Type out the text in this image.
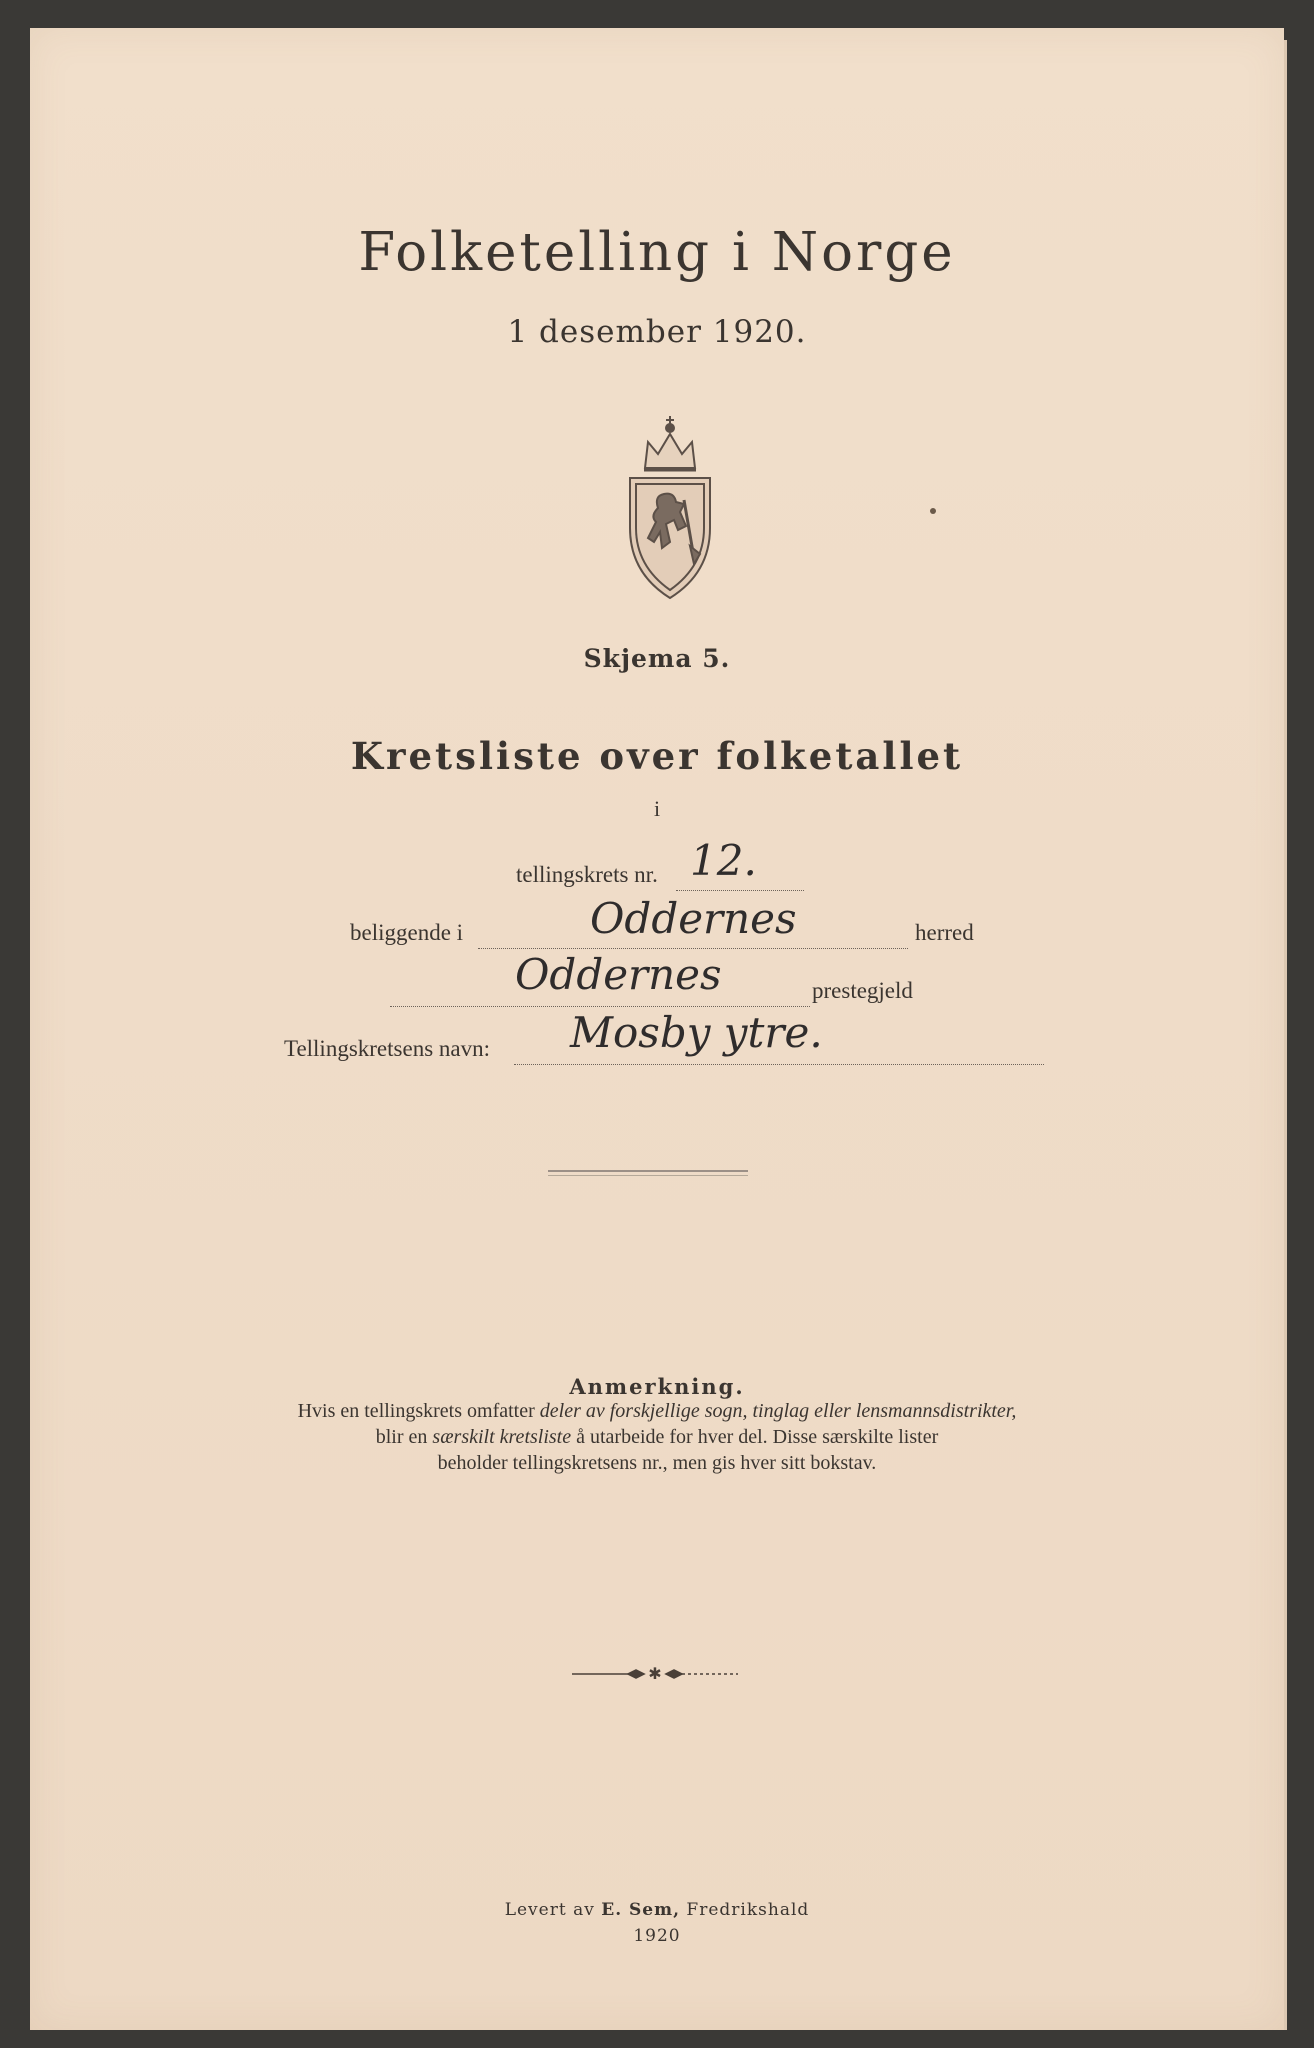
Folketelling i Norge
1 desember 1920.
Skjema 5.
Kretsliste over folketallet
i
tellingskrets nr. 12.
beliggende i	Oddernes	herred
Oddernes	prestegjeld
Tellingskretsens navn: Mosby ytre.
Anmerkning.
Hvis en tellingskrets omfatter deler av forskjellige sogn, tinglag eller lensmannsdistrikter,
blir en særskilt kretsliste å utarbeide for hver del. Disse særskilte lister
beholder tellingskretsens nr., men gis hver sitt bokstav.
✱
Levert av E. Sem, Fredrikshald
1920
